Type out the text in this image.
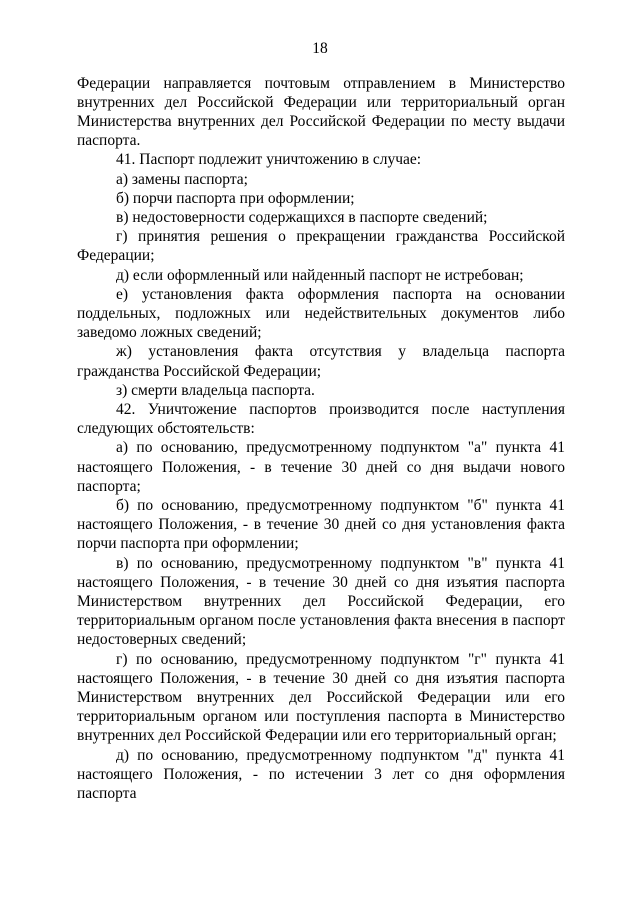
18

Федерации направляется почтовым отправлением в Министерство внутренних дел Российской Федерации или территориальный орган Министерства внутренних дел Российской Федерации по месту выдачи паспорта.

41. Паспорт подлежит уничтожению в случае:

а) замены паспорта;

б) порчи паспорта при оформлении;

в) недостоверности содержащихся в паспорте сведений;

г) принятия решения о прекращении гражданства Российской Федерации;

д) если оформленный или найденный паспорт не истребован;

е) установления факта оформления паспорта на основании поддельных, подложных или недействительных документов либо заведомо ложных сведений;

ж) установления факта отсутствия у владельца паспорта гражданства Российской Федерации;

з) смерти владельца паспорта.

42. Уничтожение паспортов производится после наступления следующих обстоятельств:

а) по основанию, предусмотренному подпунктом "а" пункта 41 настоящего Положения, - в течение 30 дней со дня выдачи нового паспорта;

б) по основанию, предусмотренному подпунктом "б" пункта 41 настоящего Положения, - в течение 30 дней со дня установления факта порчи паспорта при оформлении;

в) по основанию, предусмотренному подпунктом "в" пункта 41 настоящего Положения, - в течение 30 дней со дня изъятия паспорта Министерством внутренних дел Российской Федерации, его территориальным органом после установления факта внесения в паспорт недостоверных сведений;

г) по основанию, предусмотренному подпунктом "г" пункта 41 настоящего Положения, - в течение 30 дней со дня изъятия паспорта Министерством внутренних дел Российской Федерации или его территориальным органом или поступления паспорта в Министерство внутренних дел Российской Федерации или его территориальный орган;

д) по основанию, предусмотренному подпунктом "д" пункта 41 настоящего Положения, - по истечении 3 лет со дня оформления паспорта
